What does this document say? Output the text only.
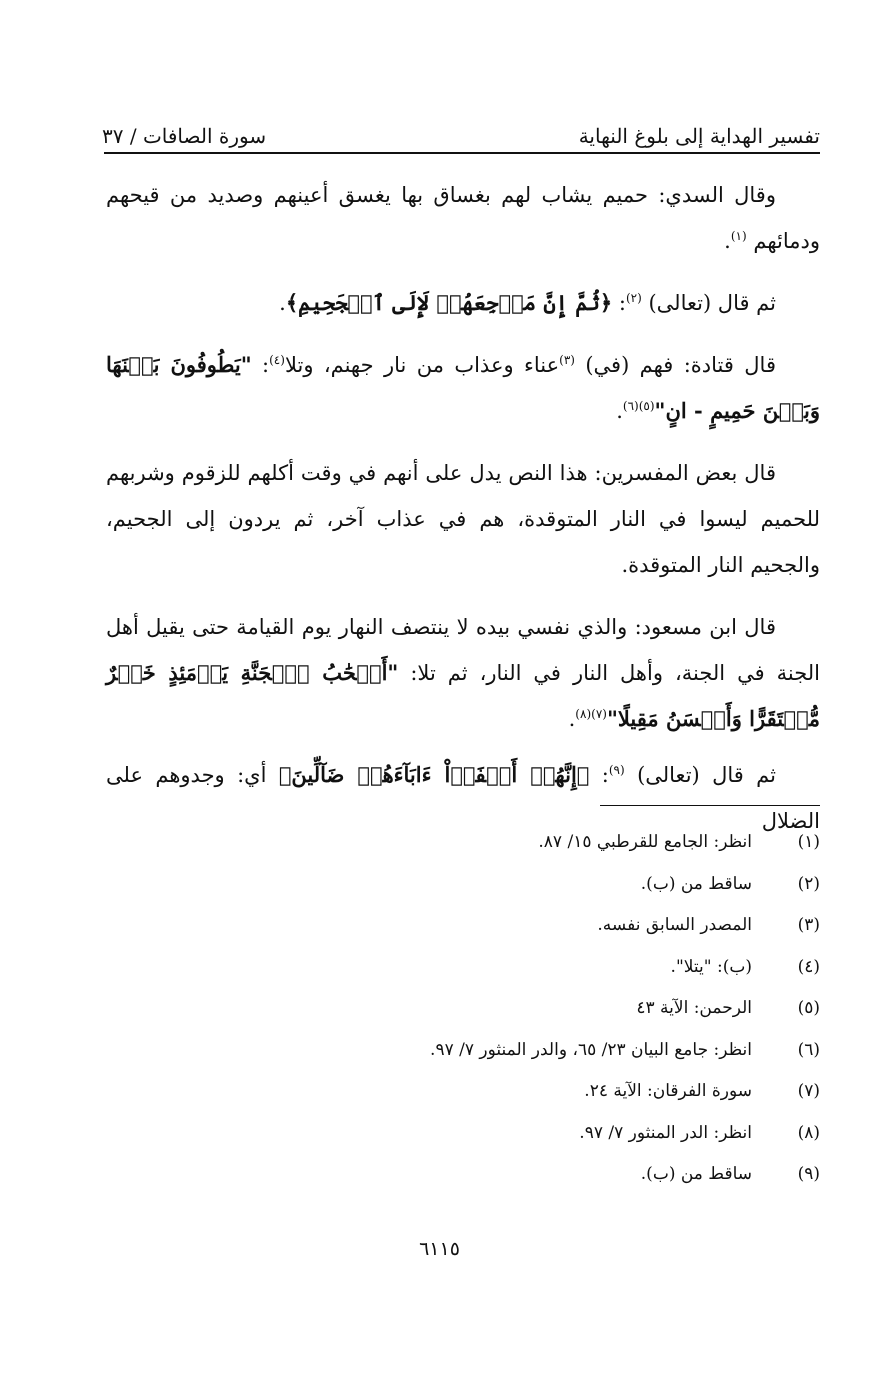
تفسير الهداية إلى بلوغ النهاية
سورة الصافات / ٣٧

وقال السدي: حميم يشاب لهم بغساق بها يغسق أعينهم وصديد من قيحهم ودمائهم $^{(١)}$.

ثم قال (تعالى) $^{(٢)}$: ﴿ثُمَّ إِنَّ مَرۡجِعَهُمۡ لَإِلَى ٱلۡجَحِيمِ﴾.

قال قتادة: فهم (في) $^{(٣)}$عناء وعذاب من نار جهنم، وتلا$^{(٤)}$: "يَطُوفُونَ بَيۡنَهَا وَبَيۡنَ حَمِيمٍ - انٍ"$^{(٥)(٦)}$.

قال بعض المفسرين: هذا النص يدل على أنهم في وقت أكلهم للزقوم وشربهم للحميم ليسوا في النار المتوقدة، هم في عذاب آخر، ثم يردون إلى الجحيم، والجحيم النار المتوقدة.

قال ابن مسعود: والذي نفسي بيده لا ينتصف النهار يوم القيامة حتى يقيل أهل الجنة في الجنة، وأهل النار في النار، ثم تلا: "أَصۡحَٰبُ ٱلۡجَنَّةِ يَوۡمَئِذٍ خَيۡرٌ مُّسۡتَقَرًّا وَأَحۡسَنُ مَقِيلًا"$^{(٧)(٨)}$.

ثم قال (تعالى) $^{(٩)}$: ﴿إِنَّهُمۡ أَلۡفَوۡاْ ءَابَآءَهُمۡ ضَآلِّينَ﴾ أي: وجدوهم على الضلال

(١)
انظر: الجامع للقرطبي ١٥/ ٨٧.
(٢)
ساقط من (ب).
(٣)
المصدر السابق نفسه.
(٤)
(ب): "يتلا".
(٥)
الرحمن: الآية ٤٣
(٦)
انظر: جامع البيان ٢٣/ ٦٥، والدر المنثور ٧/ ٩٧.
(٧)
سورة الفرقان: الآية ٢٤.
(٨)
انظر: الدر المنثور ٧/ ٩٧.
(٩)
ساقط من (ب).
٦١١٥
